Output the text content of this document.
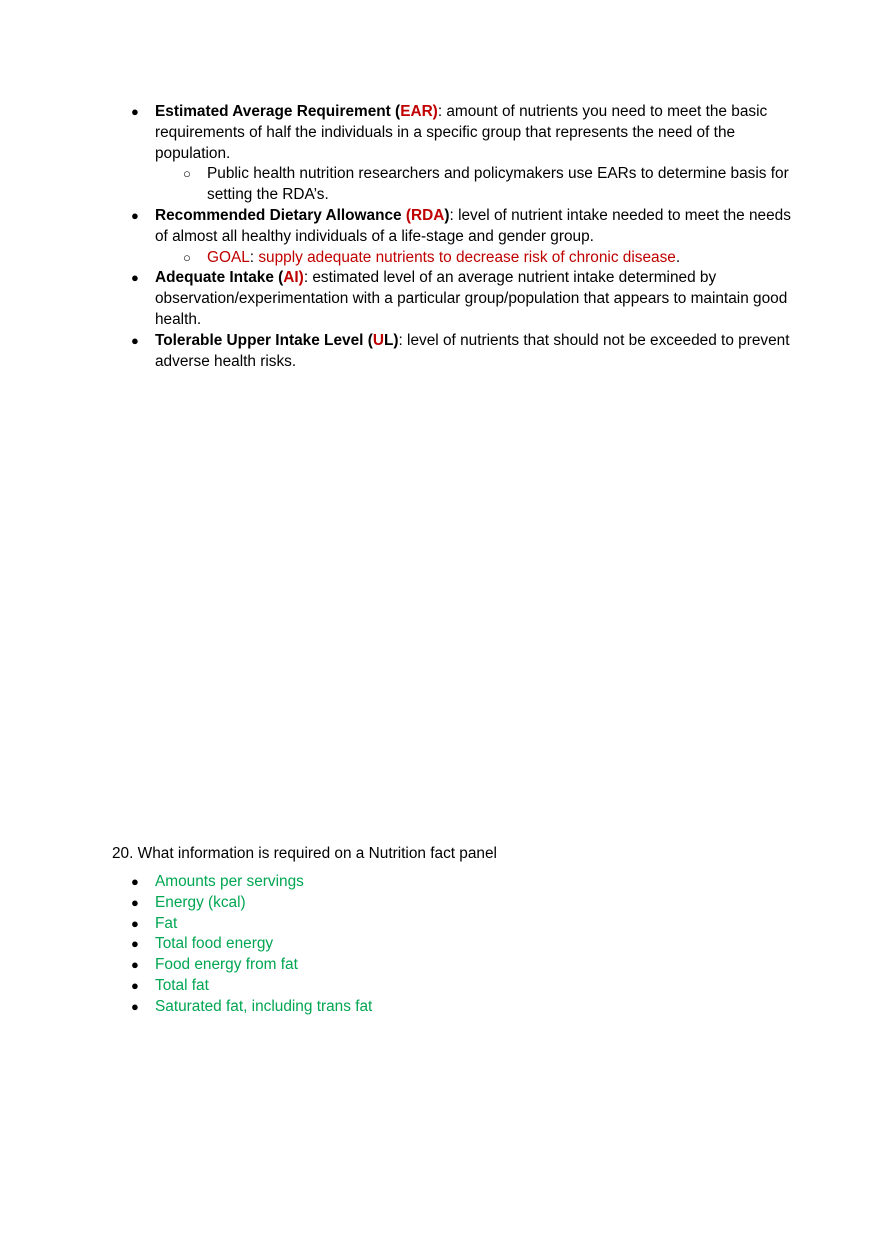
●	Estimated Average Requirement (EAR): amount of nutrients you need to meet the basic requirements of half the individuals in a specific group that represents the need of the population.
○	Public health nutrition researchers and policymakers use EARs to determine basis for setting the RDA’s.
●	Recommended Dietary Allowance (RDA): level of nutrient intake needed to meet the needs of almost all healthy individuals of a life-stage and gender group.
○	GOAL: supply adequate nutrients to decrease risk of chronic disease.
●	Adequate Intake (AI): estimated level of an average nutrient intake determined by observation/experimentation with a particular group/population that appears to maintain good health.
●	Tolerable Upper Intake Level (UL): level of nutrients that should not be exceeded to prevent adverse health risks.
20. What information is required on a Nutrition fact panel
●	Amounts per servings
●	Energy (kcal)
●	Fat
●	Total food energy
●	Food energy from fat
●	Total fat
●	Saturated fat, including trans fat
